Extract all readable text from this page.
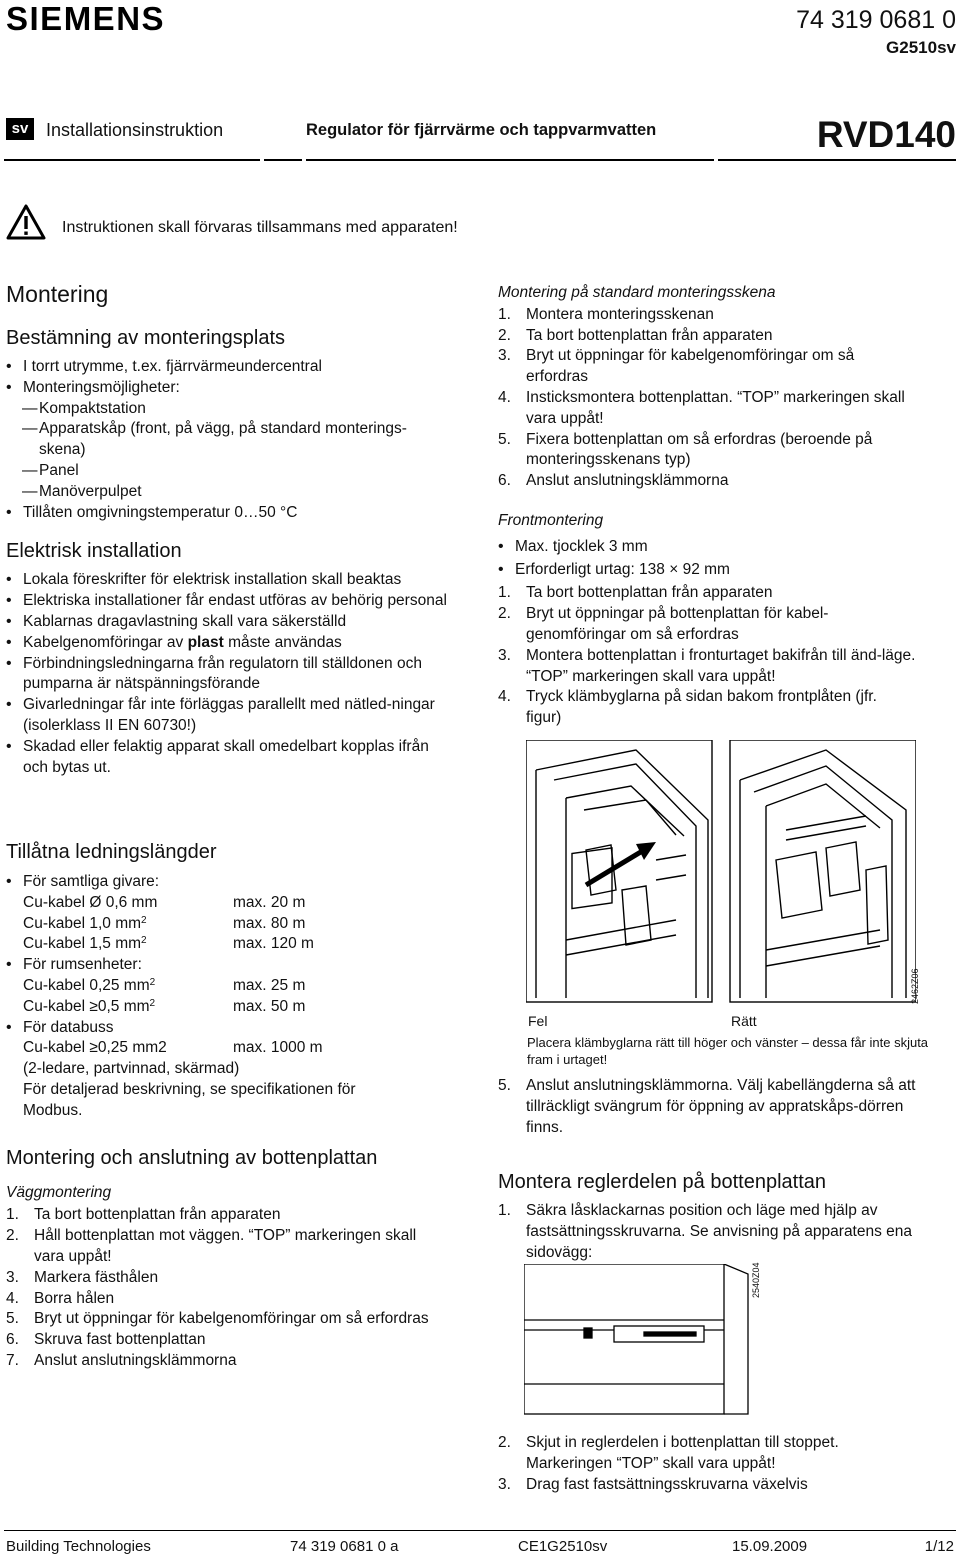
SIEMENS	74 319 0681 0
G2510sv
sv Installationsinstruktion	Regulator för fjärrvärme och tappvarmvatten	RVD140
Instruktionen skall förvaras tillsammans med apparaten!
Montering
Bestämning av monteringsplats
• I torrt utrymme, t.ex. fjärrvärmeundercentral
• Monteringsmöjligheter:
— Kompaktstation
— Apparatskåp (front, på vägg, på standard monterings-
skena)
— Panel
— Manöverpulpet
• Tillåten omgivningstemperatur 0…50 °C
Elektrisk installation
• Lokala föreskrifter för elektrisk installation skall beaktas
• Elektriska installationer får endast utföras av behörig personal
• Kablarnas dragavlastning skall vara säkerställd
• Kabelgenomföringar av plast måste användas
• Förbindningsledningarna från regulatorn till ställdonen och pumparna är nätspänningsförande
• Givarledningar får inte förläggas parallellt med nätled-ningar (isolerklass II EN 60730!)
• Skadad eller felaktig apparat skall omedelbart kopplas ifrån och bytas ut.
Tillåtna ledningslängder
• För samtliga givare:
Cu-kabel Ø 0,6 mm	max. 20 m
Cu-kabel 1,0 $mm^2$	max. 80 m
Cu-kabel 1,5 $mm^2$	max. 120 m
• För rumsenheter:
Cu-kabel 0,25 $mm^2$	max. 25 m
Cu-kabel ≥0,5 $mm^2$	max. 50 m
• För databuss
Cu-kabel ≥0,25 mm2	max. 1000 m
(2-ledare, partvinnad, skärmad)
För detaljerad beskrivning, se specifikationen för
Modbus.
Montering och anslutning av bottenplattan
Väggmontering
1. Ta bort bottenplattan från apparaten
2. Håll bottenplattan mot väggen. “TOP” markeringen skall vara uppåt!
3. Markera fästhålen
4. Borra hålen
5. Bryt ut öppningar för kabelgenomföringar om så erfordras
6. Skruva fast bottenplattan
7. Anslut anslutningsklämmorna
Montering på standard monteringsskena
1. Montera monteringsskenan
2. Ta bort bottenplattan från apparaten
3. Bryt ut öppningar för kabelgenomföringar om så erfordras
4. Insticksmontera bottenplattan. “TOP” markeringen skall vara uppåt!
5. Fixera bottenplattan om så erfordras (beroende på monteringsskenans typ)
6. Anslut anslutningsklämmorna
Frontmontering
• Max. tjocklek 3 mm
• Erforderligt urtag: 138 × 92 mm
1. Ta bort bottenplattan från apparaten
2. Bryt ut öppningar på bottenplattan för kabel-genomföringar om så erfordras
3. Montera bottenplattan i fronturtaget bakifrån till änd-läge. “TOP” markeringen skall vara uppåt!
4. Tryck klämbyglarna på sidan bakom frontplåten (jfr. figur)
2462Z06
Fel	Rätt
Placera klämbyglarna rätt till höger och vänster – dessa får inte skjuta fram i urtaget!
5. Anslut anslutningsklämmorna. Välj kabellängderna så att tillräckligt svängrum för öppning av appratskåps-dörren finns.
Montera reglerdelen på bottenplattan
1. Säkra låsklackarnas position och läge med hjälp av fastsättningsskruvarna. Se anvisning på apparatens ena sidovägg:
2540Z04
2. Skjut in reglerdelen i bottenplattan till stoppet. Markeringen “TOP” skall vara uppåt!
3. Drag fast fastsättningsskruvarna växelvis
Building Technologies	74 319 0681 0 a	CE1G2510sv	15.09.2009	1/12
